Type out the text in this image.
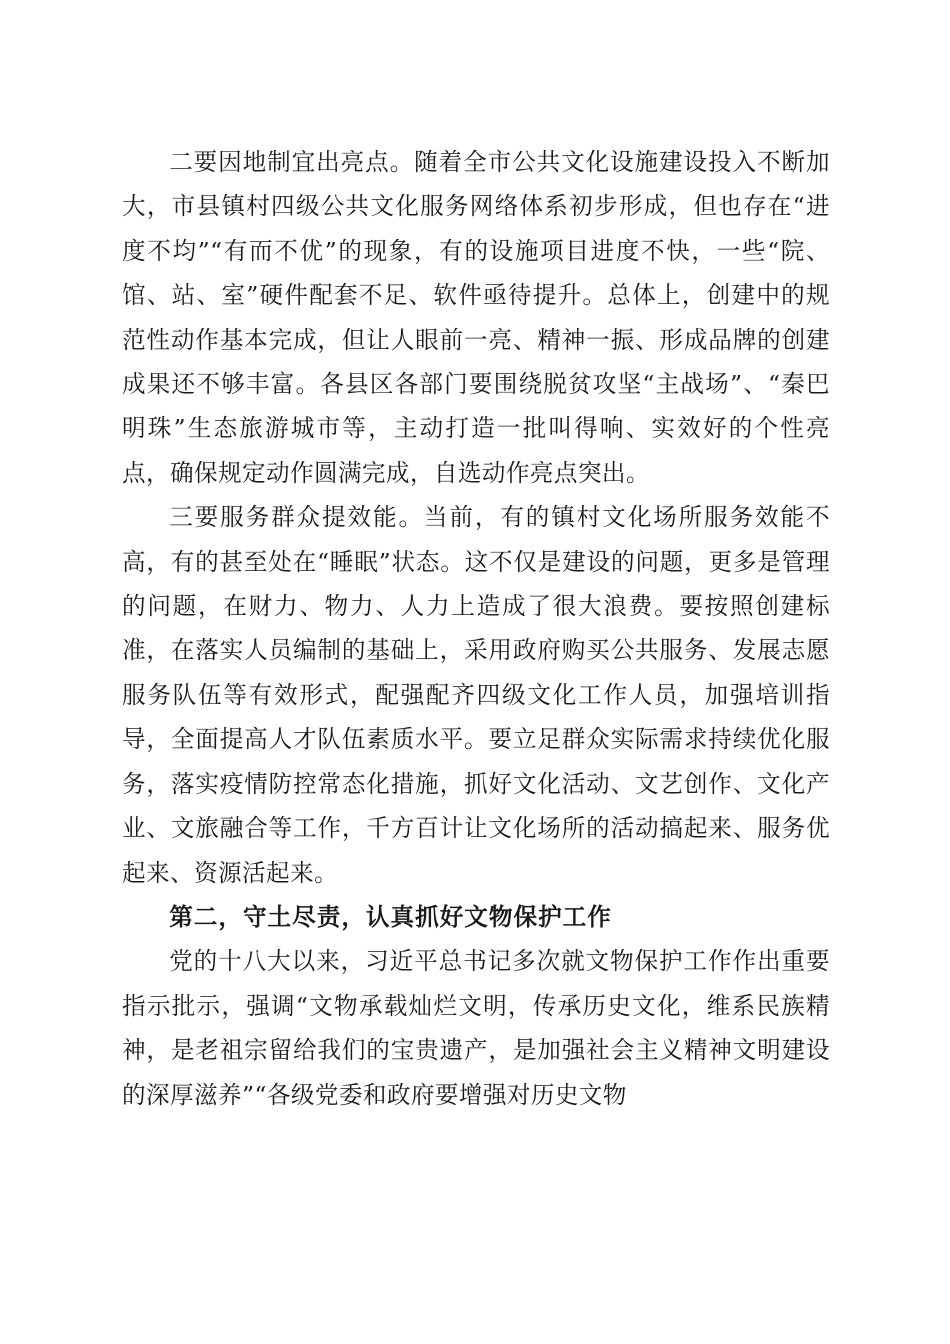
二要因地制宜出亮点。随着全市公共文化设施建设投入不断加大，市县镇村四级公共文化服务网络体系初步形成，但也存在“进度不均”“有而不优”的现象，有的设施项目进度不快，一些“院、馆、站、室”硬件配套不足、软件亟待提升。总体上，创建中的规范性动作基本完成，但让人眼前一亮、精神一振、形成品牌的创建成果还不够丰富。各县区各部门要围绕脱贫攻坚“主战场”、“秦巴明珠”生态旅游城市等，主动打造一批叫得响、实效好的个性亮点，确保规定动作圆满完成，自选动作亮点突出。

三要服务群众提效能。当前，有的镇村文化场所服务效能不高，有的甚至处在“睡眠”状态。这不仅是建设的问题，更多是管理的问题，在财力、物力、人力上造成了很大浪费。要按照创建标准，在落实人员编制的基础上，采用政府购买公共服务、发展志愿服务队伍等有效形式，配强配齐四级文化工作人员，加强培训指导，全面提高人才队伍素质水平。要立足群众实际需求持续优化服务，落实疫情防控常态化措施，抓好文化活动、文艺创作、文化产业、文旅融合等工作，千方百计让文化场所的活动搞起来、服务优起来、资源活起来。

第二，守土尽责，认真抓好文物保护工作

党的十八大以来，习近平总书记多次就文物保护工作作出重要指示批示，强调“文物承载灿烂文明，传承历史文化，维系民族精神，是老祖宗留给我们的宝贵遗产，是加强社会主义精神文明建设的深厚滋养”“各级党委和政府要增强对历史文物
